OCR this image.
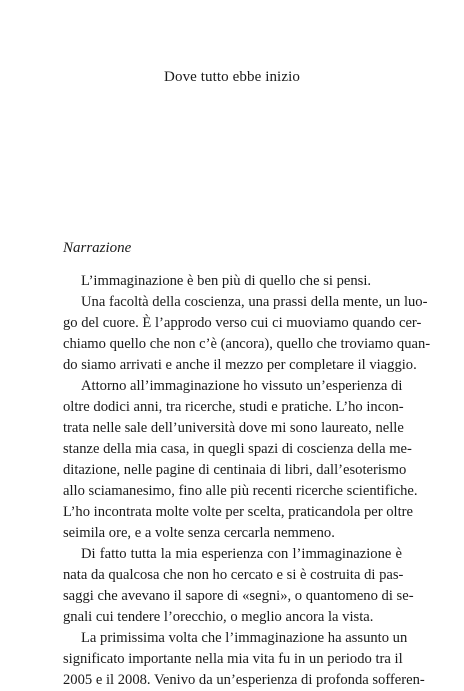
Dove tutto ebbe inizio
Narrazione
L’immaginazione è ben più di quello che si pensi.
Una facoltà della coscienza, una prassi della mente, un luo-
go del cuore. È l’approdo verso cui ci muoviamo quando cer-
chiamo quello che non c’è (ancora), quello che troviamo quan-
do siamo arrivati e anche il mezzo per completare il viaggio.
Attorno all’immaginazione ho vissuto un’esperienza di
oltre dodici anni, tra ricerche, studi e pratiche. L’ho incon-
trata nelle sale dell’università dove mi sono laureato, nelle
stanze della mia casa, in quegli spazi di coscienza della me-
ditazione, nelle pagine di centinaia di libri, dall’esoterismo
allo sciamanesimo, fino alle più recenti ricerche scientifiche.
L’ho incontrata molte volte per scelta, praticandola per oltre
seimila ore, e a volte senza cercarla nemmeno.
Di fatto tutta la mia esperienza con l’immaginazione è
nata da qualcosa che non ho cercato e si è costruita di pas-
saggi che avevano il sapore di «segni», o quantomeno di se-
gnali cui tendere l’orecchio, o meglio ancora la vista.
La primissima volta che l’immaginazione ha assunto un
significato importante nella mia vita fu in un periodo tra il
2005 e il 2008. Venivo da un’esperienza di profonda sofferen-
